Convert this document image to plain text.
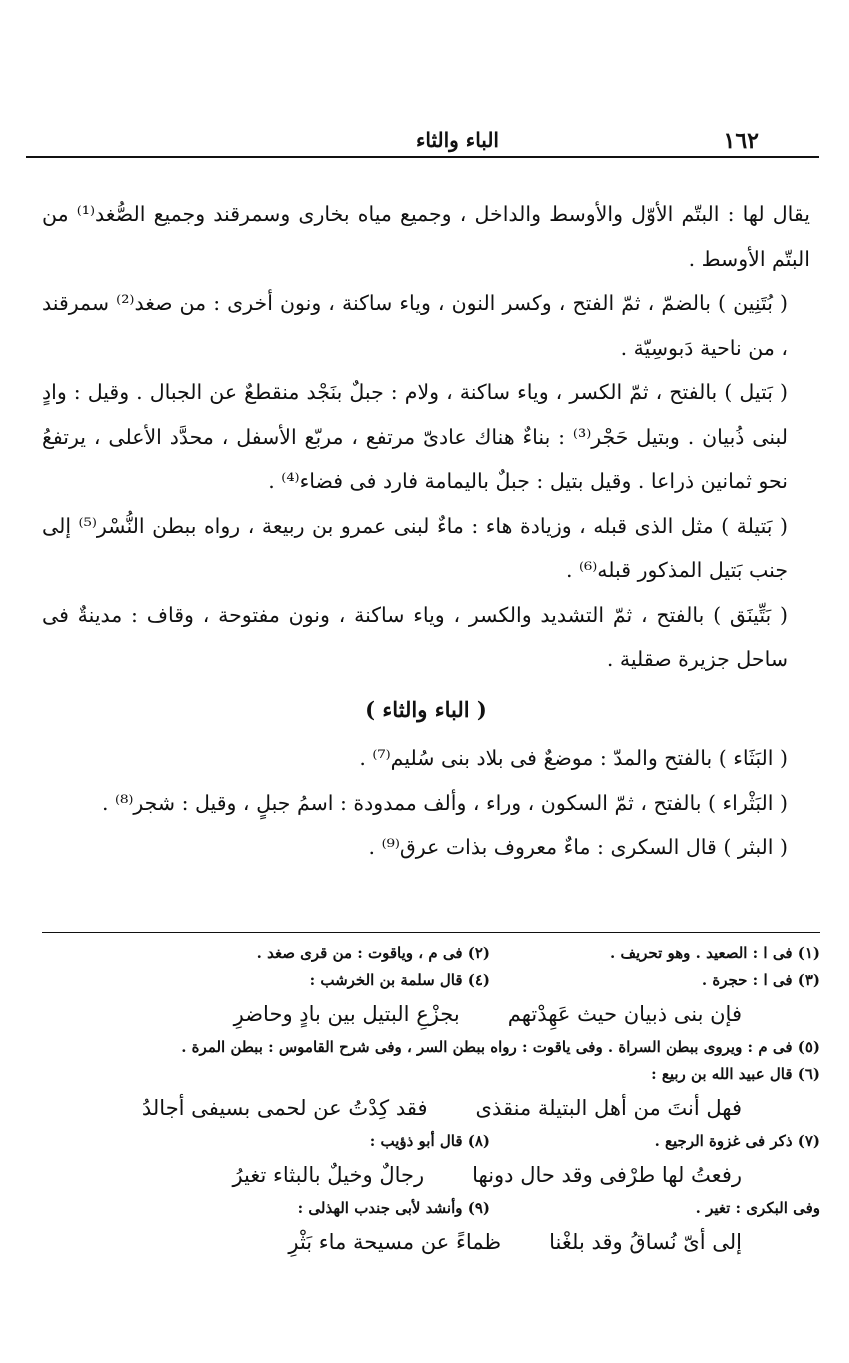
١٦٢
الباء والثاء

يقال لها : البتّم الأوّل والأوسط والداخل ، وجميع مياه بخارى وسمرقند وجميع الصُّغد⁽¹⁾ من البتّم الأوسط .

( بُتَنِين ) بالضمّ ، ثمّ الفتح ، وكسر النون ، وياء ساكنة ، ونون أخرى : من صغد⁽²⁾ سمرقند ، من ناحية دَبوسِيّة .

( بَتيل ) بالفتح ، ثمّ الكسر ، وياء ساكنة ، ولام : جبلٌ بنَجْد منقطعٌ عن الجبال . وقيل : وادٍ لبنى ذُبيان . وبتيل حَجْر⁽³⁾ : بناءٌ هناك عادىّ مرتفع ، مربّع الأسفل ، محدَّد الأعلى ، يرتفعُ نحو ثمانين ذراعا . وقيل بتيل : جبلٌ باليمامة فارد فى فضاء⁽⁴⁾ .

( بَتيلة ) مثل الذى قبله ، وزيادة هاء : ماءٌ لبنى عمرو بن ربيعة ، رواه ببطن النُّسْر⁽⁵⁾ إلى جنب بَتيل المذكور قبله⁽⁶⁾ .

( بَتِّينَق ) بالفتح ، ثمّ التشديد والكسر ، وياء ساكنة ، ونون مفتوحة ، وقاف : مدينةٌ فى ساحل جزيرة صقلية .

( الباء والثاء )

( البَثَاء ) بالفتح والمدّ : موضعٌ فى بلاد بنى سُليم⁽⁷⁾ .

( البَثْراء ) بالفتح ، ثمّ السكون ، وراء ، وألف ممدودة : اسمُ جبلٍ ، وقيل : شجر⁽⁸⁾ .

( البثر ) قال السكرى : ماءٌ معروف بذات عرق⁽⁹⁾ .

(١) فى ا : الصعيد . وهو تحريف .
(٢) فى م ، وياقوت : من قرى صغد .
(٣) فى ا : حجرة .
(٤) قال سلمة بن الخرشب :
فإن بنى ذبيان حيث عَهِدْتهم
بجزْعِ البتيل بين بادٍ وحاضرِ

(٥) فى م : ويروى ببطن السراة . وفى ياقوت : رواه ببطن السر ، وفى شرح القاموس : ببطن المرة .

(٦) قال عبيد الله بن ربيع :

فهل أنتَ من أهل البتيلة منقذى
فقد كِدْتُ عن لحمى بسيفى أجالدُ
(٧) ذكر فى غزوة الرجيع .
(٨) قال أبو ذؤيب :
رفعتُ لها طرْفى وقد حال دونها
رجالٌ وخيلٌ بالبثاء تغيرُ
وفى البكرى : تغير .
(٩) وأنشد لأبى جندب الهذلى :
إلى أىّ نُساقُ وقد بلغْنا
ظماءً عن مسيحة ماء بَثْرِ
